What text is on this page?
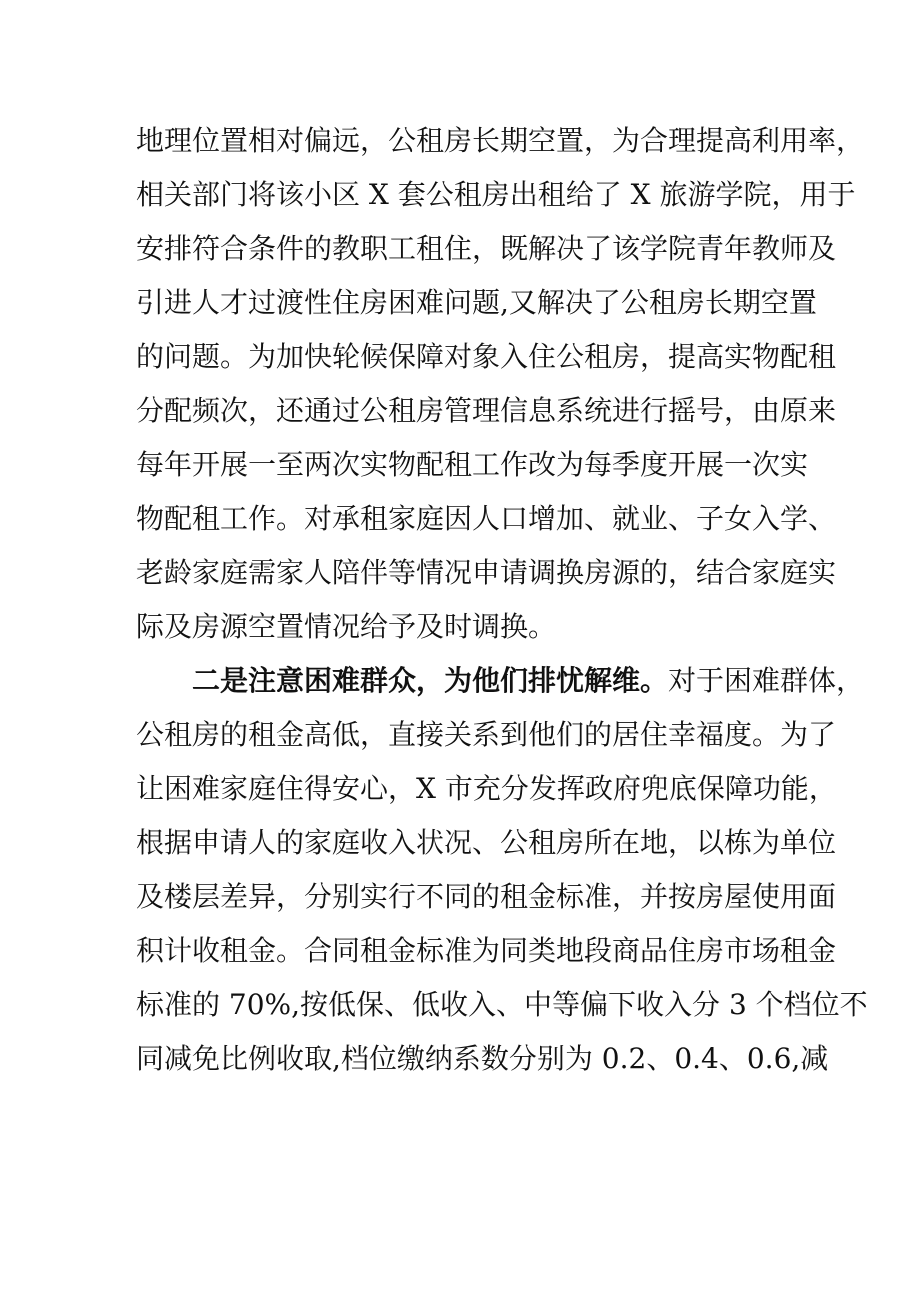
地理位置相对偏远，公租房长期空置，为合理提高利用率，
相关部门将该小区 X 套公租房出租给了 X 旅游学院，用于
安排符合条件的教职工租住，既解决了该学院青年教师及
引进人才过渡性住房困难问题,又解决了公租房长期空置
的问题。为加快轮候保障对象入住公租房，提高实物配租
分配频次，还通过公租房管理信息系统进行摇号，由原来
每年开展一至两次实物配租工作改为每季度开展一次实
物配租工作。对承租家庭因人口增加、就业、子女入学、
老龄家庭需家人陪伴等情况申请调换房源的，结合家庭实
际及房源空置情况给予及时调换。
二是注意困难群众，为他们排忧解维。对于困难群体，
公租房的租金高低，直接关系到他们的居住幸福度。为了
让困难家庭住得安心，X 市充分发挥政府兜底保障功能，
根据申请人的家庭收入状况、公租房所在地，以栋为单位
及楼层差异，分别实行不同的租金标准，并按房屋使用面
积计收租金。合同租金标准为同类地段商品住房市场租金
标准的 70%,按低保、低收入、中等偏下收入分 3 个档位不
同减免比例收取,档位缴纳系数分别为 0.2、0.4、0.6,减
